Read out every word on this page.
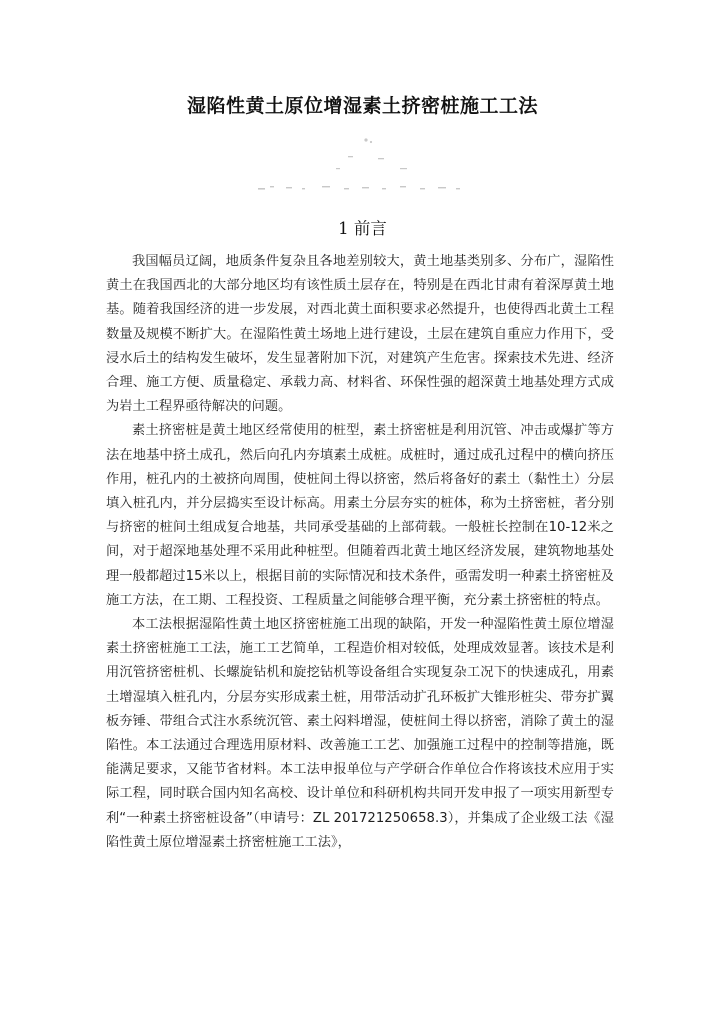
湿陷性黄土原位增湿素土挤密桩施工工法
1 前言

我国幅员辽阔，地质条件复杂且各地差别较大，黄土地基类别多、分布广，湿陷性黄土在我国西北的大部分地区均有该性质土层存在，特别是在西北甘肃有着深厚黄土地基。随着我国经济的进一步发展，对西北黄土面积要求必然提升，也使得西北黄土工程数量及规模不断扩大。在湿陷性黄土场地上进行建设，土层在建筑自重应力作用下，受浸水后土的结构发生破坏，发生显著附加下沉，对建筑产生危害。探索技术先进、经济合理、施工方便、质量稳定、承载力高、材料省、环保性强的超深黄土地基处理方式成为岩土工程界亟待解决的问题。

素土挤密桩是黄土地区经常使用的桩型，素土挤密桩是利用沉管、冲击或爆扩等方法在地基中挤土成孔，然后向孔内夯填素土成桩。成桩时，通过成孔过程中的横向挤压作用，桩孔内的土被挤向周围，使桩间土得以挤密，然后将备好的素土（黏性土）分层填入桩孔内，并分层捣实至设计标高。用素土分层夯实的桩体，称为土挤密桩，者分别与挤密的桩间土组成复合地基，共同承受基础的上部荷载。一般桩长控制在10-12米之间，对于超深地基处理不采用此种桩型。但随着西北黄土地区经济发展，建筑物地基处理一般都超过15米以上，根据目前的实际情况和技术条件，亟需发明一种素土挤密桩及施工方法，在工期、工程投资、工程质量之间能够合理平衡，充分素土挤密桩的特点。

本工法根据湿陷性黄土地区挤密桩施工出现的缺陷，开发一种湿陷性黄土原位增湿素土挤密桩施工工法，施工工艺简单，工程造价相对较低，处理成效显著。该技术是利用沉管挤密桩机、长螺旋钻机和旋挖钻机等设备组合实现复杂工况下的快速成孔，用素土增湿填入桩孔内，分层夯实形成素土桩，用带活动扩孔环板扩大锥形桩尖、带夯扩翼板夯锤、带组合式注水系统沉管、素土闷料增湿，使桩间土得以挤密，消除了黄土的湿陷性。本工法通过合理选用原材料、改善施工工艺、加强施工过程中的控制等措施，既能满足要求，又能节省材料。本工法申报单位与产学研合作单位合作将该技术应用于实际工程，同时联合国内知名高校、设计单位和科研机构共同开发申报了一项实用新型专利“一种素土挤密桩设备”（申请号：ZL 201721250658.3），并集成了企业级工法《湿陷性黄土原位增湿素土挤密桩施工工法》，
